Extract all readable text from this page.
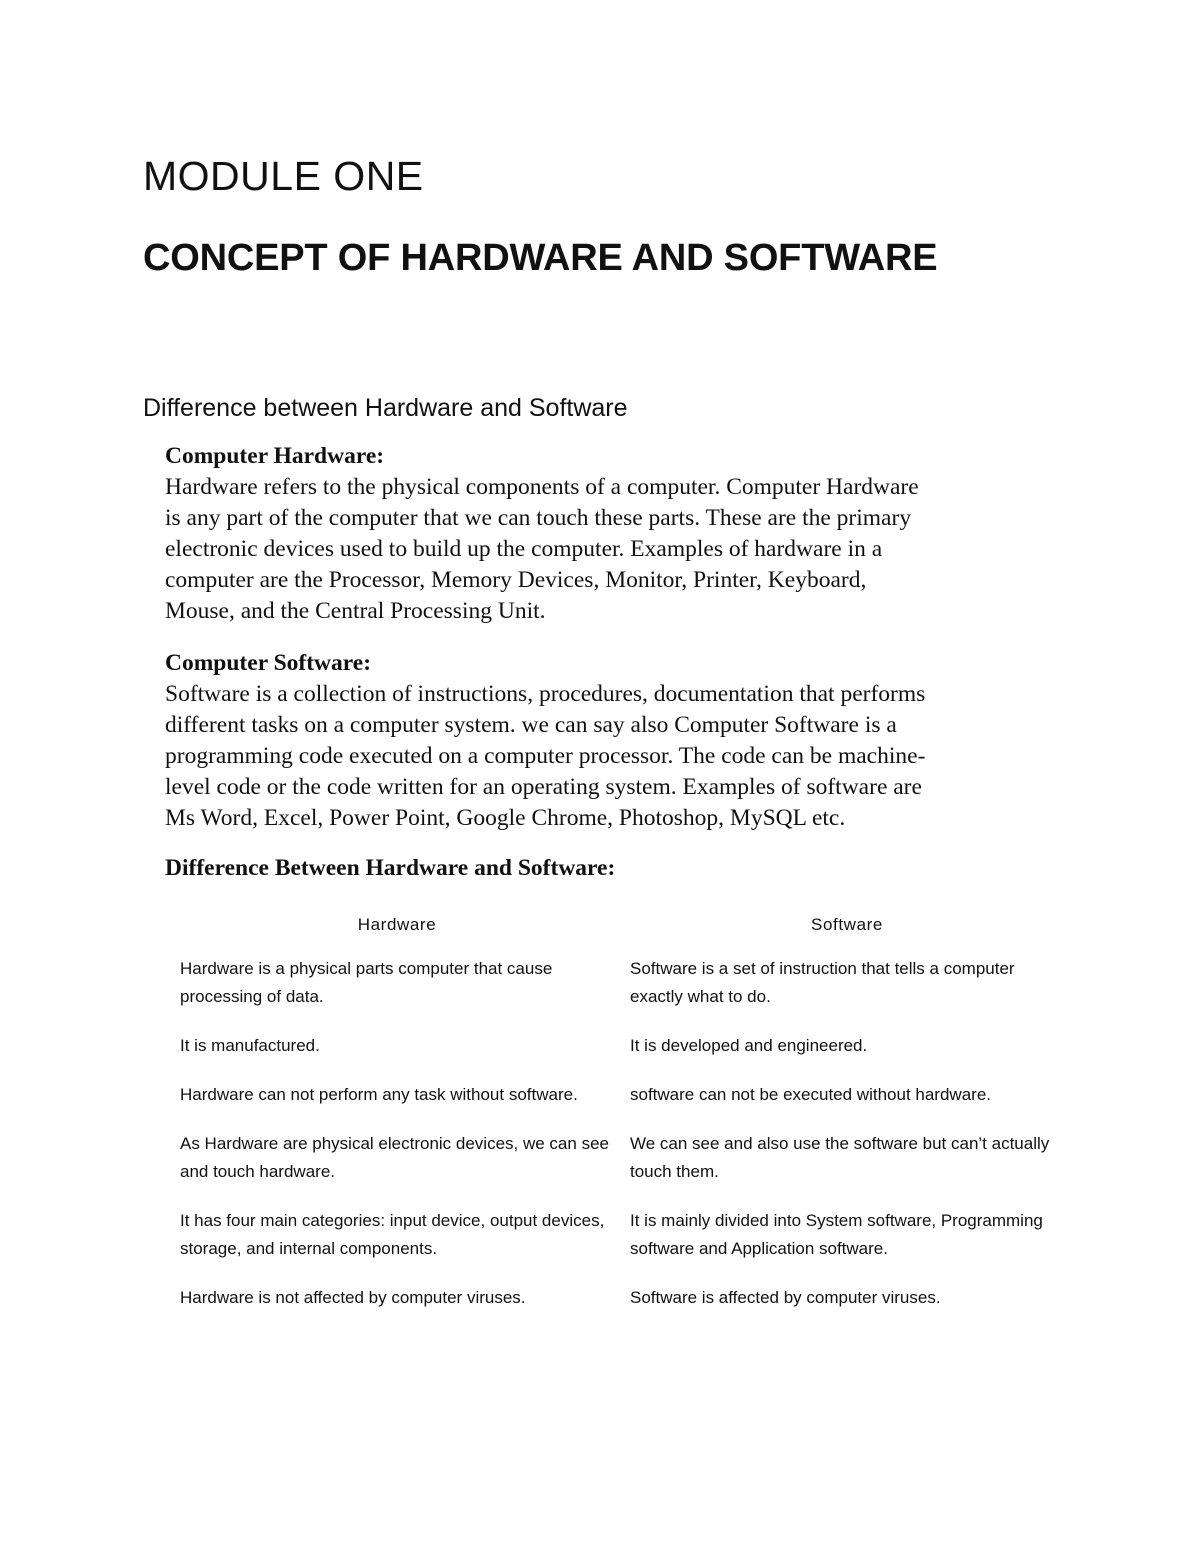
MODULE ONE
CONCEPT OF HARDWARE AND SOFTWARE
Difference between Hardware and Software
Computer Hardware:

Hardware refers to the physical components of a computer. Computer Hardware
is any part of the computer that we can touch these parts. These are the primary
electronic devices used to build up the computer. Examples of hardware in a
computer are the Processor, Memory Devices, Monitor, Printer, Keyboard,
Mouse, and the Central Processing Unit.

Computer Software:

Software is a collection of instructions, procedures, documentation that performs
different tasks on a computer system. we can say also Computer Software is a
programming code executed on a computer processor. The code can be machine-
level code or the code written for an operating system. Examples of software are
Ms Word, Excel, Power Point, Google Chrome, Photoshop, MySQL etc.

Difference Between Hardware and Software:
Hardware	Software
Hardware is a physical parts computer that cause processing of data.	Software is a set of instruction that tells a computer exactly what to do.
It is manufactured.	It is developed and engineered.
Hardware can not perform any task without software.	software can not be executed without hardware.
As Hardware are physical electronic devices, we can see and touch hardware.	We can see and also use the software but can’t actually touch them.
It has four main categories: input device, output devices, storage, and internal components.	It is mainly divided into System software, Programming software and Application software.
Hardware is not affected by computer viruses.	Software is affected by computer viruses.
